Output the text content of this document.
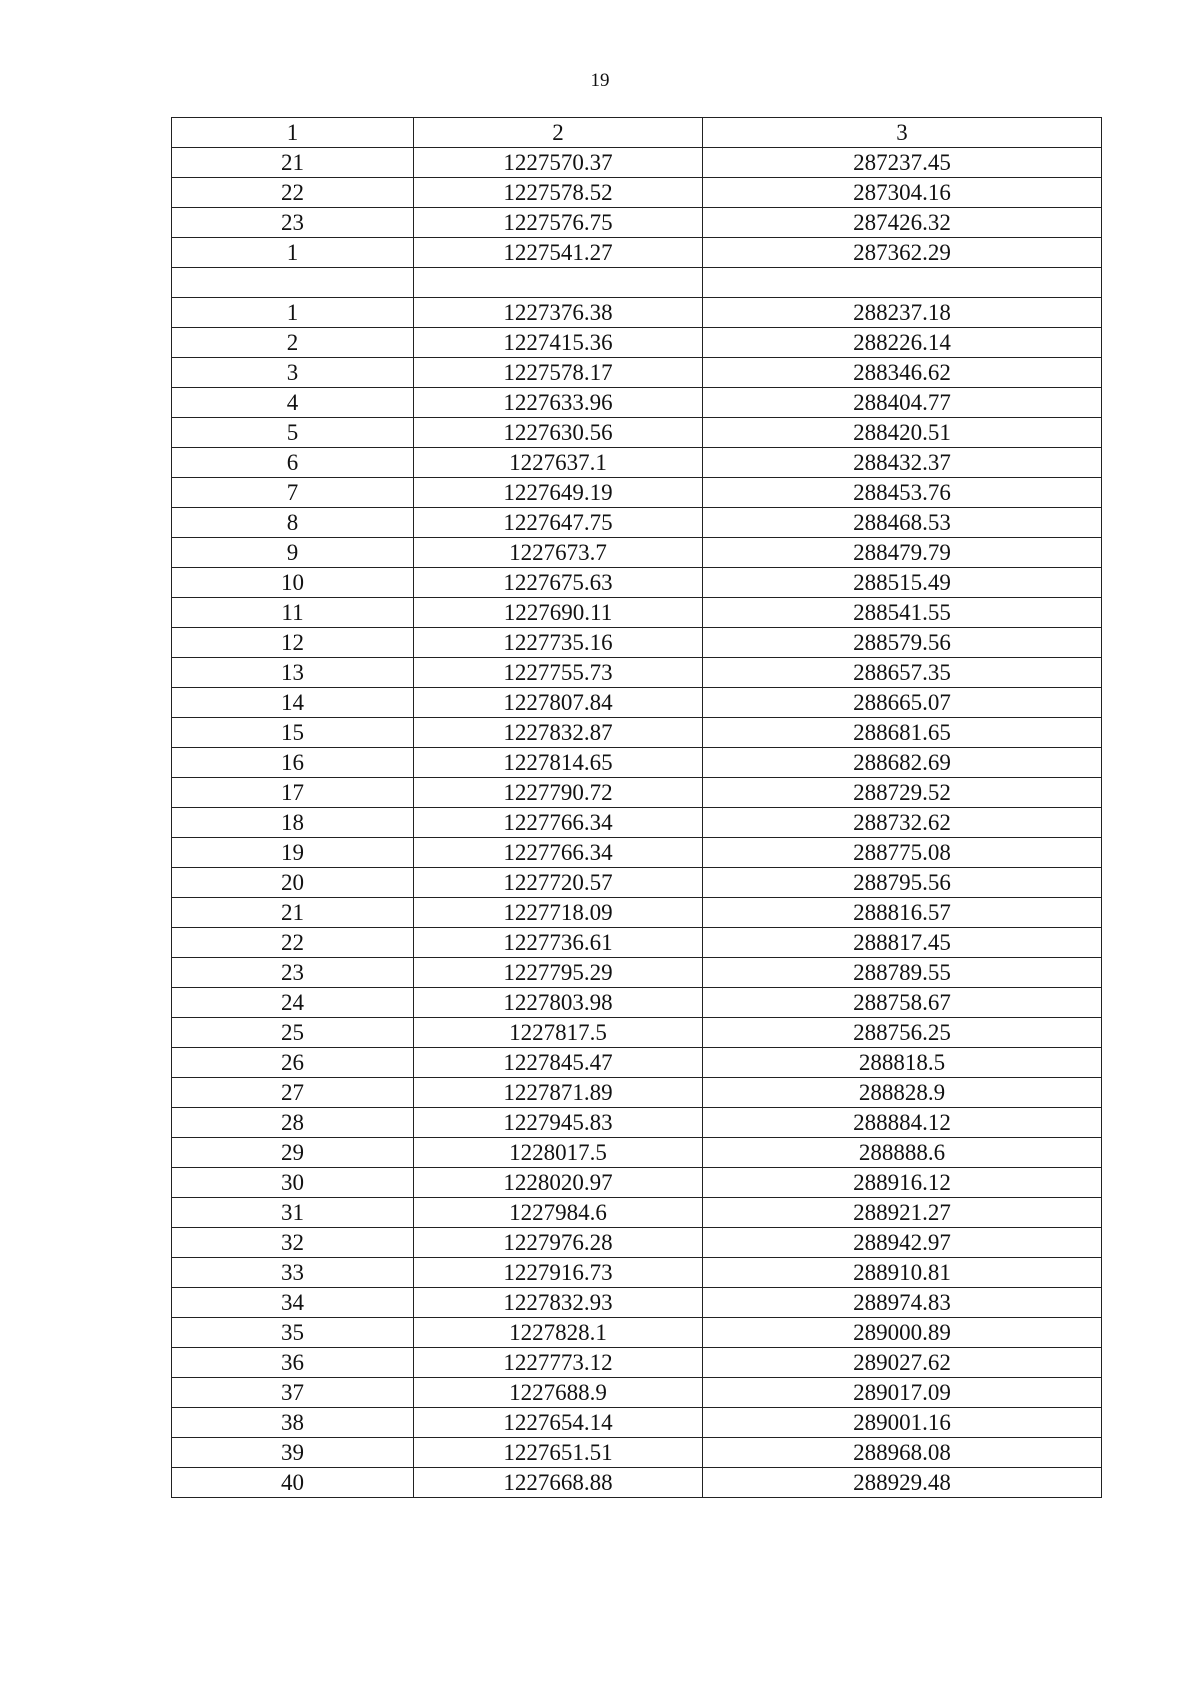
19
1	2	3
21	1227570.37	287237.45
22	1227578.52	287304.16
23	1227576.75	287426.32
1	1227541.27	287362.29

1	1227376.38	288237.18
2	1227415.36	288226.14
3	1227578.17	288346.62
4	1227633.96	288404.77
5	1227630.56	288420.51
6	1227637.1	288432.37
7	1227649.19	288453.76
8	1227647.75	288468.53
9	1227673.7	288479.79
10	1227675.63	288515.49
11	1227690.11	288541.55
12	1227735.16	288579.56
13	1227755.73	288657.35
14	1227807.84	288665.07
15	1227832.87	288681.65
16	1227814.65	288682.69
17	1227790.72	288729.52
18	1227766.34	288732.62
19	1227766.34	288775.08
20	1227720.57	288795.56
21	1227718.09	288816.57
22	1227736.61	288817.45
23	1227795.29	288789.55
24	1227803.98	288758.67
25	1227817.5	288756.25
26	1227845.47	288818.5
27	1227871.89	288828.9
28	1227945.83	288884.12
29	1228017.5	288888.6
30	1228020.97	288916.12
31	1227984.6	288921.27
32	1227976.28	288942.97
33	1227916.73	288910.81
34	1227832.93	288974.83
35	1227828.1	289000.89
36	1227773.12	289027.62
37	1227688.9	289017.09
38	1227654.14	289001.16
39	1227651.51	288968.08
40	1227668.88	288929.48
